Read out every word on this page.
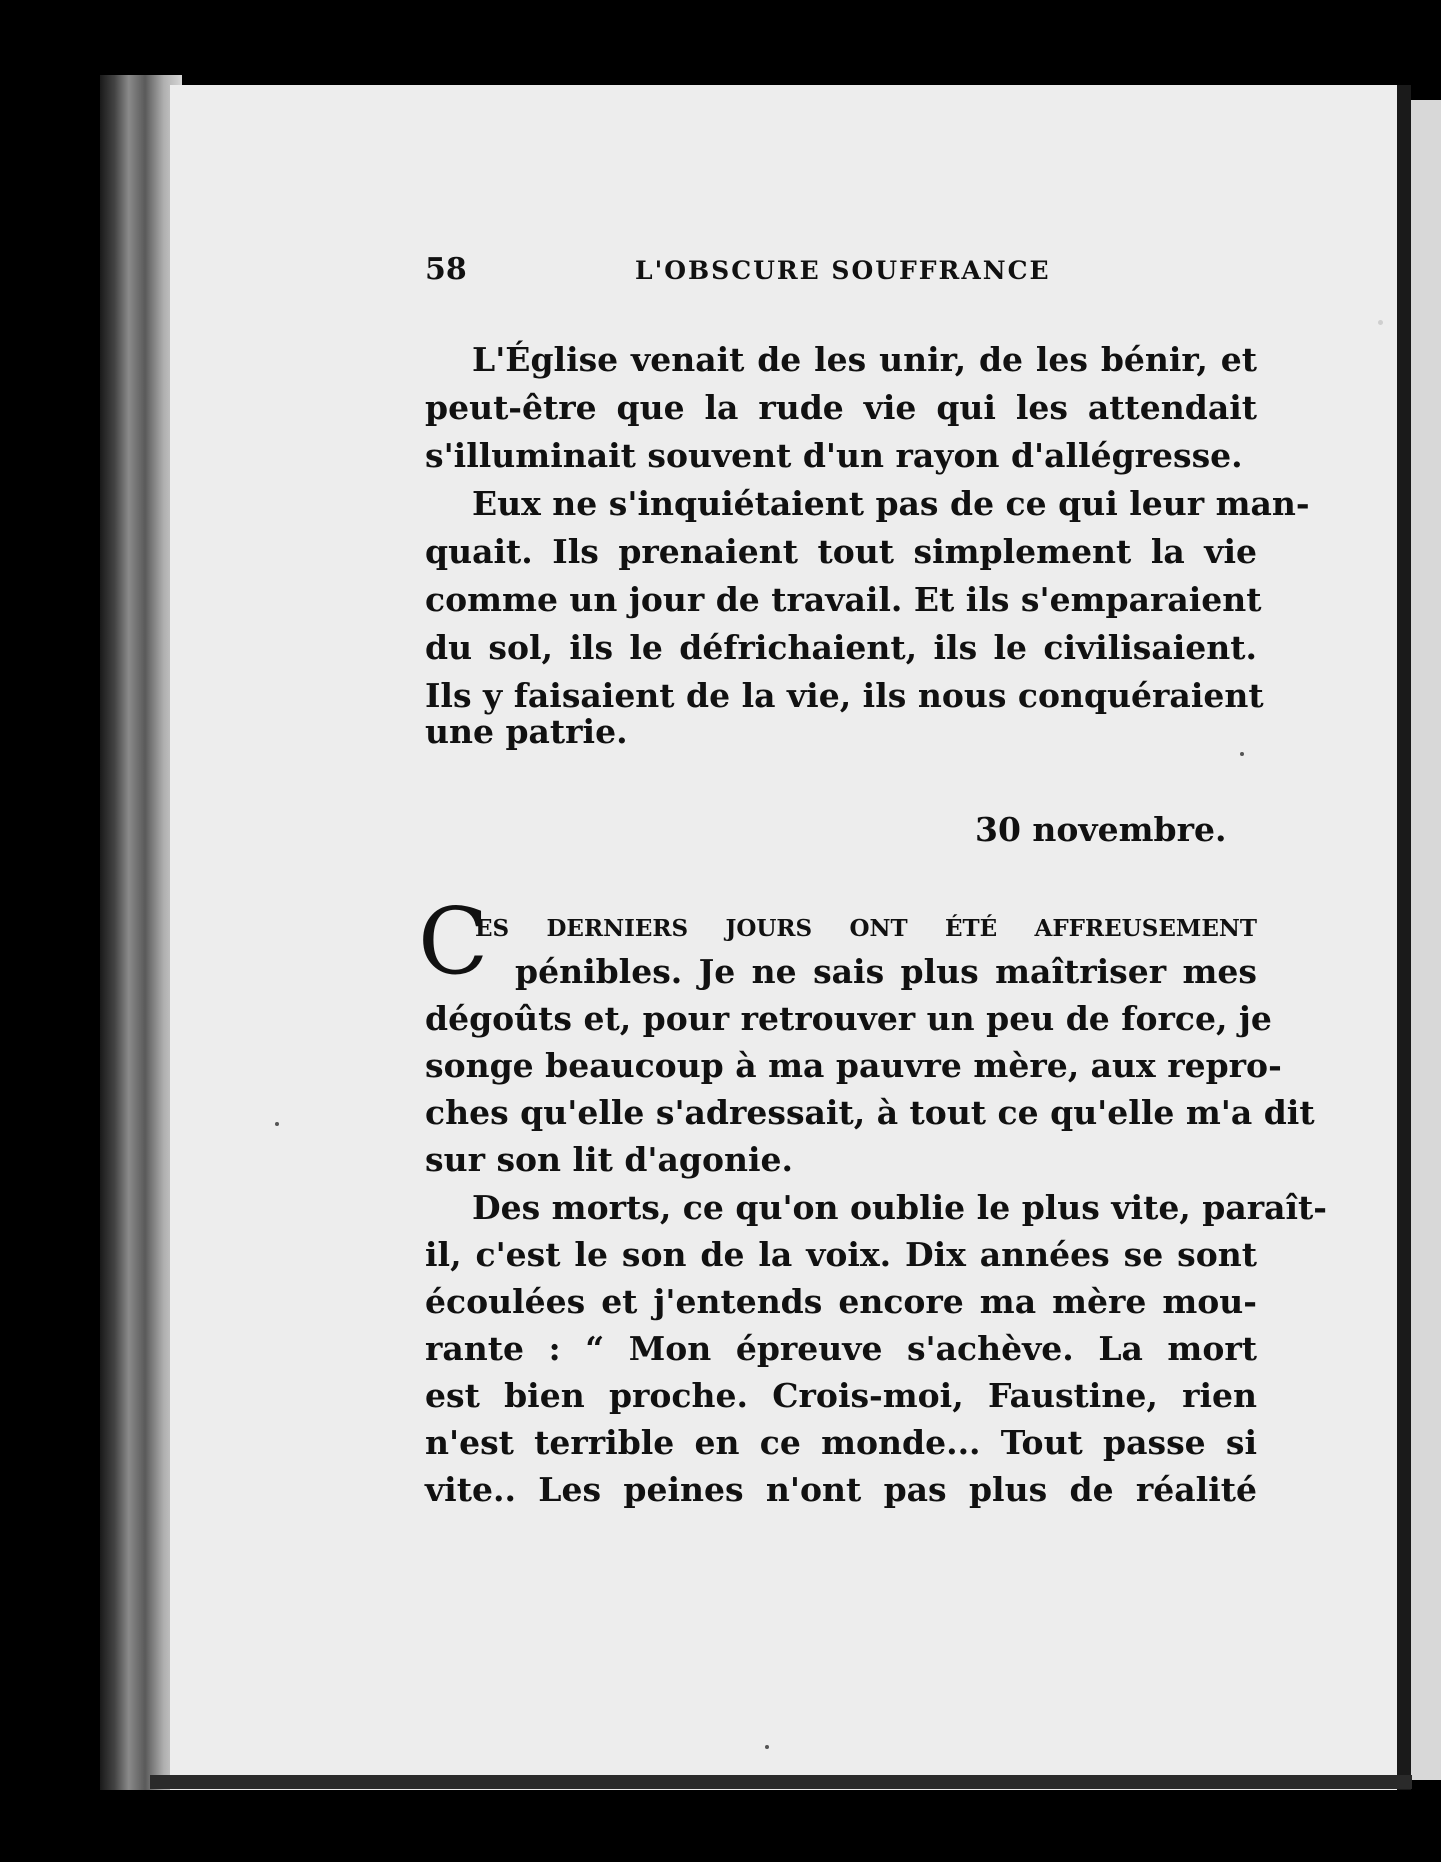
58	L'OBSCURE SOUFFRANCE
L'Église venait de les unir, de les bénir, et
peut-être que la rude vie qui les attendait
s'illuminait souvent d'un rayon d'allégresse.
Eux ne s'inquiétaient pas de ce qui leur man-
quait. Ils prenaient tout simplement la vie
comme un jour de travail. Et ils s'emparaient
du sol, ils le défrichaient, ils le civilisaient.
Ils y faisaient de la vie, ils nous conquéraient
une patrie.
30 novembre.
C
es derniers jours ont été affreusement
pénibles. Je ne sais plus maîtriser mes
dégoûts et, pour retrouver un peu de force, je
songe beaucoup à ma pauvre mère, aux repro-
ches qu'elle s'adressait, à tout ce qu'elle m'a dit
sur son lit d'agonie.
Des morts, ce qu'on oublie le plus vite, paraît-
il, c'est le son de la voix. Dix années se sont
écoulées et j'entends encore ma mère mou-
rante : “ Mon épreuve s'achève. La mort
est bien proche. Crois-moi, Faustine, rien
n'est terrible en ce monde... Tout passe si
vite.. Les peines n'ont pas plus de réalité
